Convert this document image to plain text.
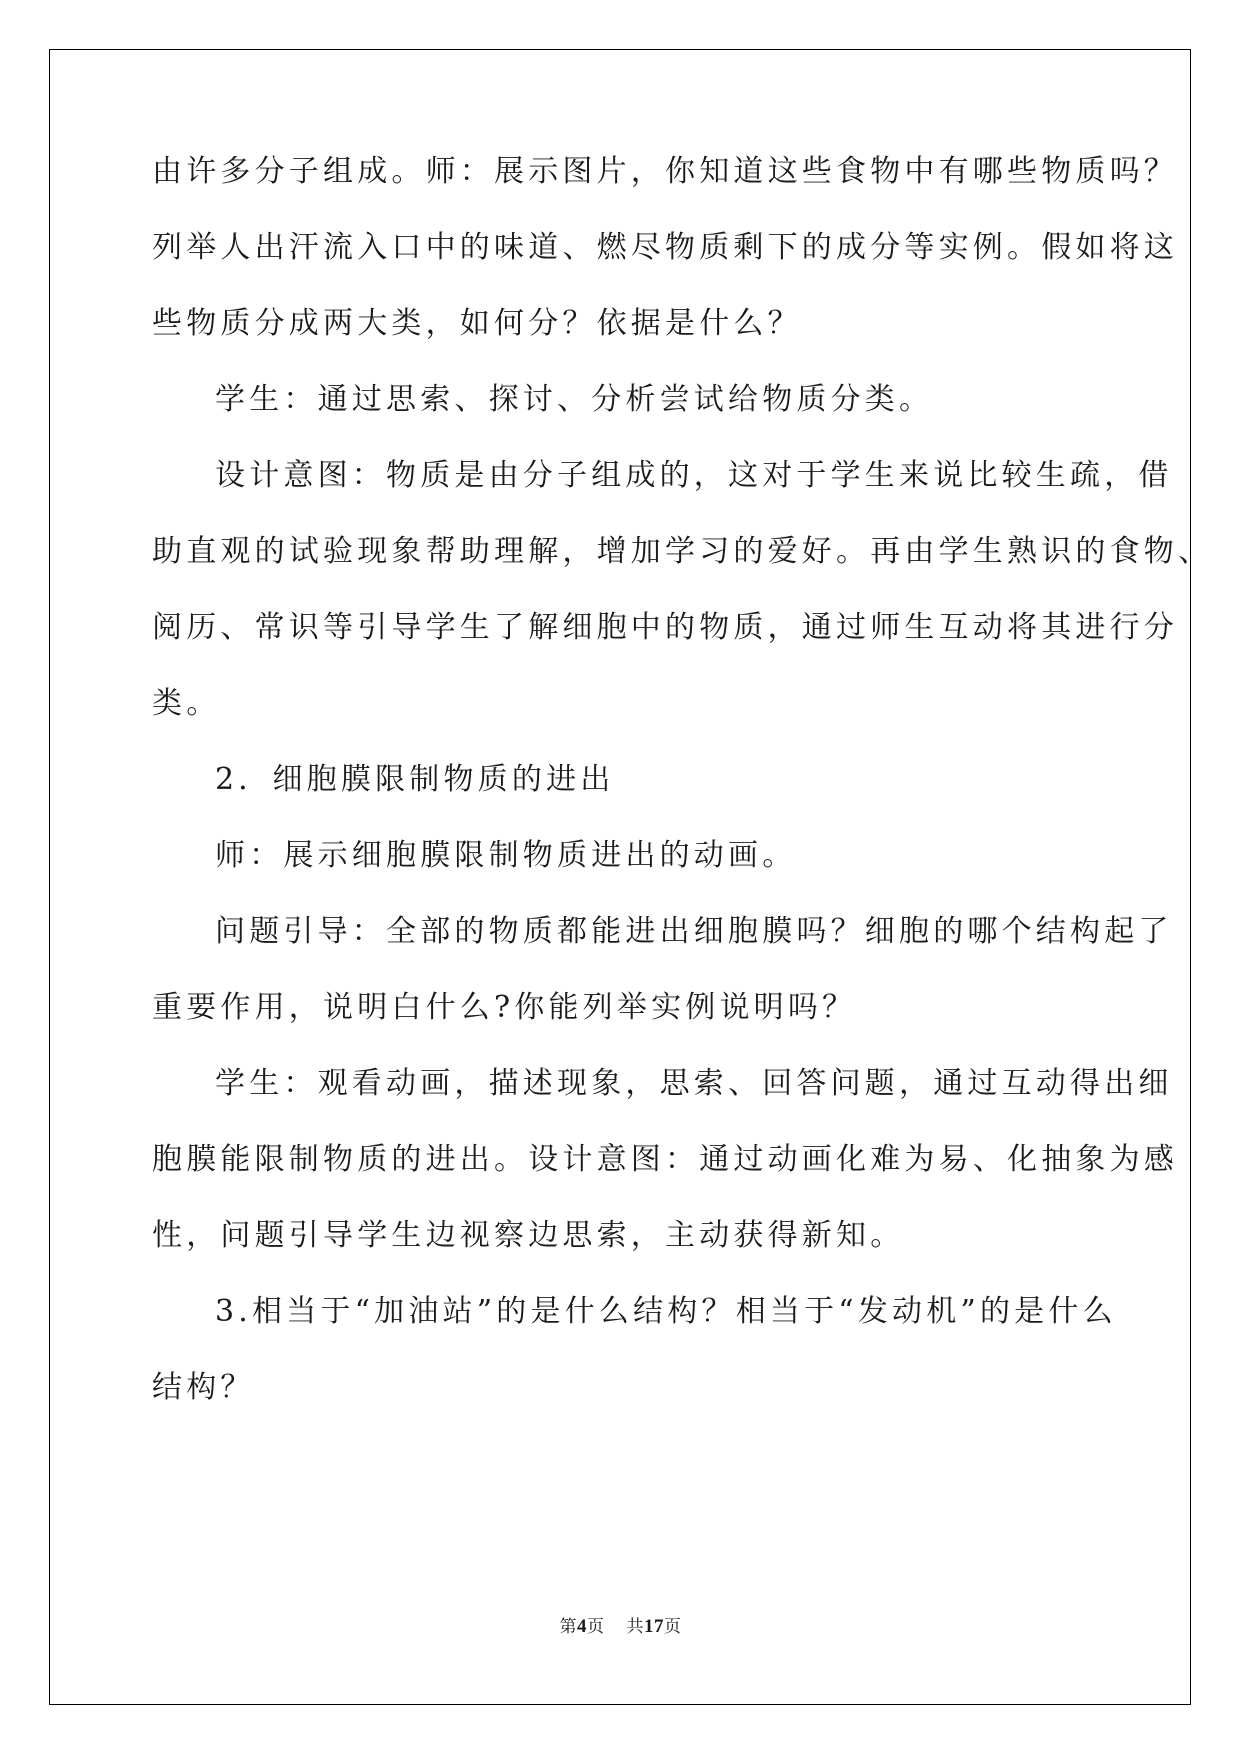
由许多分子组成。师：展示图片，你知道这些食物中有哪些物质吗？
列举人出汗流入口中的味道、燃尽物质剩下的成分等实例。假如将这
些物质分成两大类，如何分？依据是什么？
学生：通过思索、探讨、分析尝试给物质分类。
设计意图：物质是由分子组成的，这对于学生来说比较生疏，借
助直观的试验现象帮助理解，增加学习的爱好。再由学生熟识的食物、
阅历、常识等引导学生了解细胞中的物质，通过师生互动将其进行分
类。
2．细胞膜限制物质的进出
师：展示细胞膜限制物质进出的动画。
问题引导：全部的物质都能进出细胞膜吗？细胞的哪个结构起了
重要作用，说明白什么?你能列举实例说明吗？
学生：观看动画，描述现象，思索、回答问题，通过互动得出细
胞膜能限制物质的进出。设计意图：通过动画化难为易、化抽象为感
性，问题引导学生边视察边思索，主动获得新知。
3.相当于“加油站”的是什么结构？相当于“发动机”的是什么
结构？
第4页 共17页
